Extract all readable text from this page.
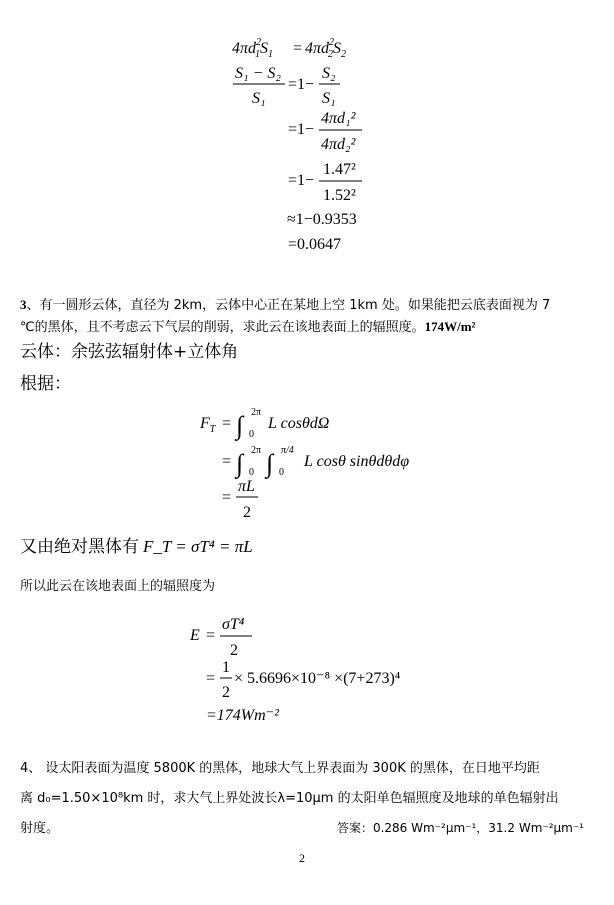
$4\pi d^2$ $1S_1 = 4\pi d^2$ $2S_2$
S₁ − S₂
S₁
=1−
S₂
S₁
=1−
4πd₁²
4πd₂²
=1−
1.47²
1.52²
≈1−0.9353
=0.0647
3、有一圆形云体，直径为 2km，云体中心正在某地上空 1km 处。如果能把云底表面视为 7
℃的黑体，且不考虑云下气层的削弱，求此云在该地表面上的辐照度。174W/m²
云体：余弦弦辐射体+立体角
根据：
$F_T$ = ∫ 2π
0
L cosθdΩ
= ∫ 2π
0 ∫ π/4
0
L cosθ sinθdθdφ
=
πL
2
又由绝对黑体有 F_T = σT⁴ = πL
所以此云在该地表面上的辐照度为
E =
σT⁴
2
=
1
2
× 5.6696×10⁻⁸ ×(7+273)⁴
=174Wm⁻²
4、 设太阳表面为温度 5800K 的黑体，地球大气上界表面为 300K 的黑体，在日地平均距
离 d₀=1.50×10⁸km 时，求大气上界处波长λ=10μm 的太阳单色辐照度及地球的单色辐射出
射度。	答案：0.286 Wm⁻²μm⁻¹，31.2 Wm⁻²μm⁻¹
2
